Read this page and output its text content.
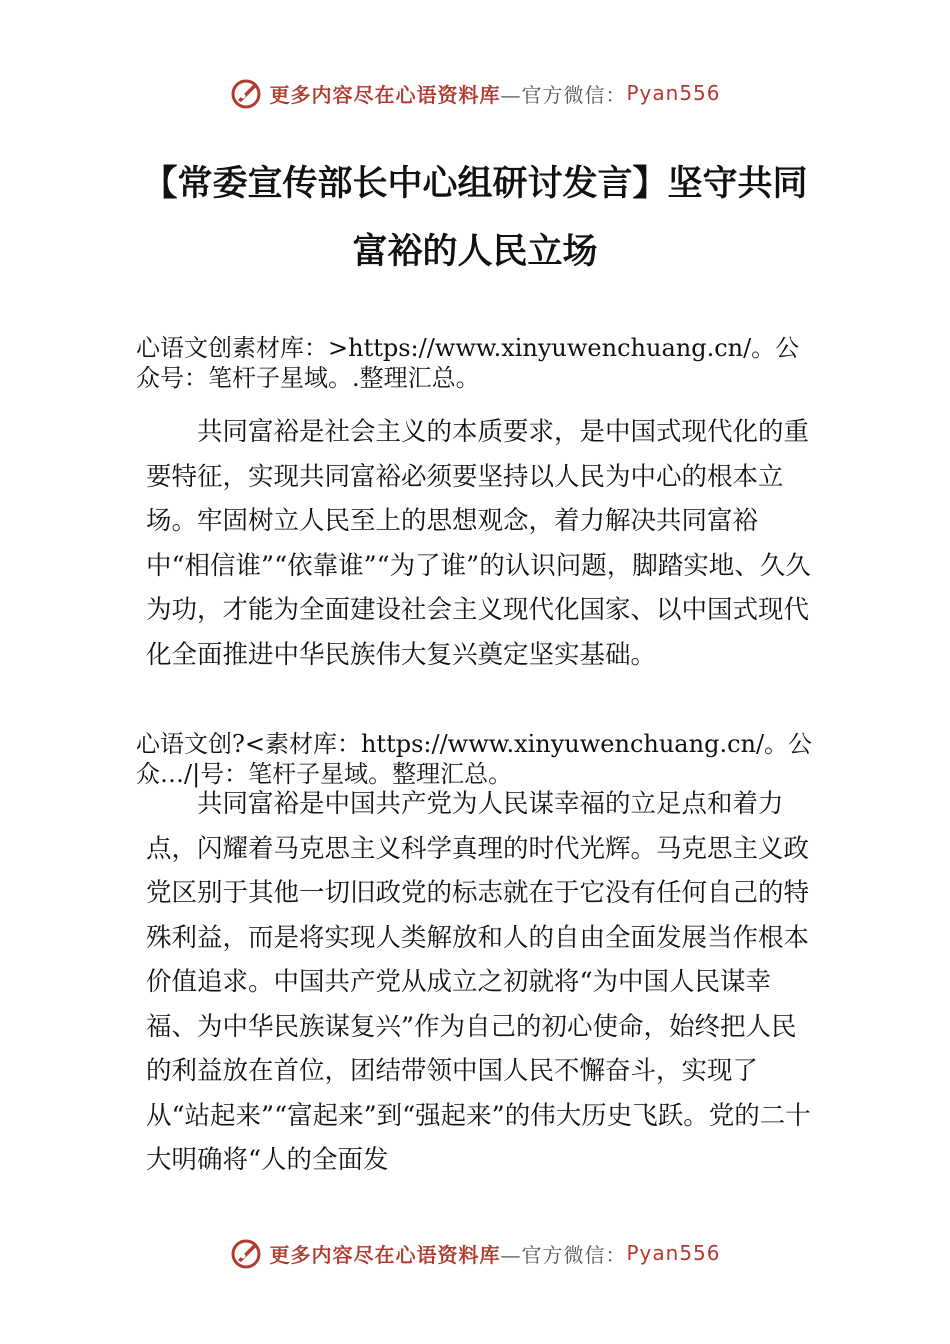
更多内容尽在心语资料库 —官方微信： Pyan556
【常委宣传部长中心组研讨发言】坚守共同
富裕的人民立场
心语文创素材库：>https://www.xinyuwenchuang.cn/。公
众号：笔杆子星域。.整理汇总。
共同富裕是社会主义的本质要求，是中国式现代化的重要特征，实现共同富裕必须要坚持以人民为中心的根本立场。牢固树立人民至上的思想观念，着力解决共同富裕中“相信谁”“依靠谁”“为了谁”的认识问题，脚踏实地、久久为功，才能为全面建设社会主义现代化国家、以中国式现代化全面推进中华民族伟大复兴奠定坚实基础。
心语文创?<素材库：https://www.xinyuwenchuang.cn/。公
众…/|号：笔杆子星域。整理汇总。
共同富裕是中国共产党为人民谋幸福的立足点和着力点，闪耀着马克思主义科学真理的时代光辉。马克思主义政党区别于其他一切旧政党的标志就在于它没有任何自己的特殊利益，而是将实现人类解放和人的自由全面发展当作根本价值追求。中国共产党从成立之初就将“为中国人民谋幸福、为中华民族谋复兴”作为自己的初心使命，始终把人民的利益放在首位，团结带领中国人民不懈奋斗，实现了从“站起来”“富起来”到“强起来”的伟大历史飞跃。党的二十大明确将“人的全面发
更多内容尽在心语资料库 —官方微信： Pyan556
